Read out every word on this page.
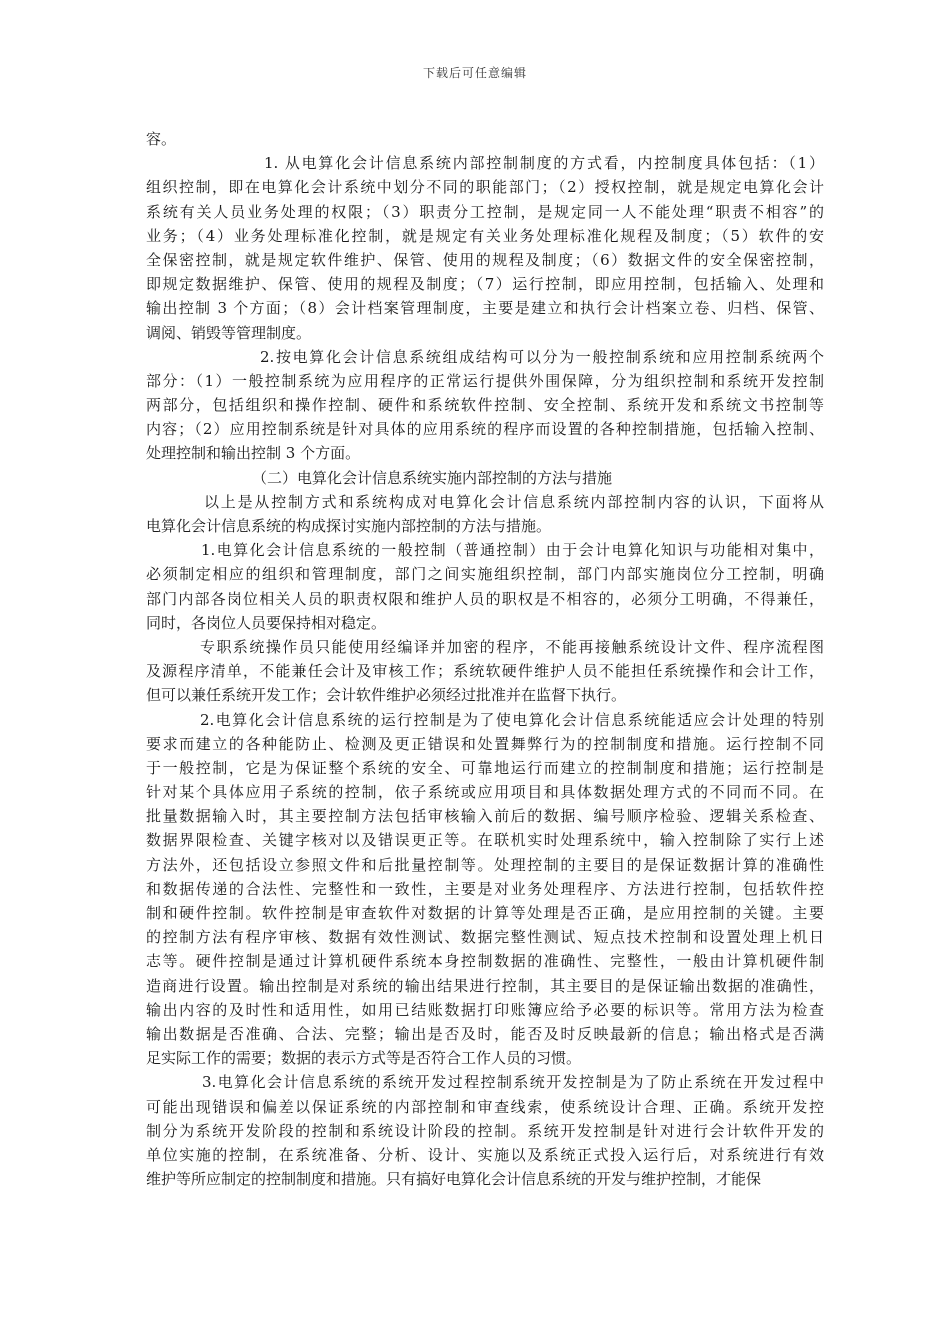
下载后可任意编辑
容。
1. 从电算化会计信息系统内部控制制度的方式看，内控制度具体包括：（1）
组织控制，即在电算化会计系统中划分不同的职能部门；（2）授权控制，就是规定电算化会计
系统有关人员业务处理的权限；（3）职责分工控制，是规定同一人不能处理“职责不相容”的
业务；（4）业务处理标准化控制，就是规定有关业务处理标准化规程及制度；（5）软件的安
全保密控制，就是规定软件维护、保管、使用的规程及制度；（6）数据文件的安全保密控制，
即规定数据维护、保管、使用的规程及制度；（7）运行控制，即应用控制，包括输入、处理和
输出控制 3 个方面；（8）会计档案管理制度，主要是建立和执行会计档案立卷、归档、保管、
调阅、销毁等管理制度。
2.按电算化会计信息系统组成结构可以分为一般控制系统和应用控制系统两个
部分：（1）一般控制系统为应用程序的正常运行提供外围保障，分为组织控制和系统开发控制
两部分，包括组织和操作控制、硬件和系统软件控制、安全控制、系统开发和系统文书控制等
内容；（2）应用控制系统是针对具体的应用系统的程序而设置的各种控制措施，包括输入控制、
处理控制和输出控制 3 个方面。
（二）电算化会计信息系统实施内部控制的方法与措施
以上是从控制方式和系统构成对电算化会计信息系统内部控制内容的认识，下面将从
电算化会计信息系统的构成探讨实施内部控制的方法与措施。
1.电算化会计信息系统的一般控制（普通控制）由于会计电算化知识与功能相对集中，
必须制定相应的组织和管理制度，部门之间实施组织控制，部门内部实施岗位分工控制，明确
部门内部各岗位相关人员的职责权限和维护人员的职权是不相容的，必须分工明确，不得兼任，
同时，各岗位人员要保持相对稳定。
专职系统操作员只能使用经编译并加密的程序，不能再接触系统设计文件、程序流程图
及源程序清单，不能兼任会计及审核工作；系统软硬件维护人员不能担任系统操作和会计工作，
但可以兼任系统开发工作；会计软件维护必须经过批准并在监督下执行。
2.电算化会计信息系统的运行控制是为了使电算化会计信息系统能适应会计处理的特别
要求而建立的各种能防止、检测及更正错误和处置舞弊行为的控制制度和措施。运行控制不同
于一般控制，它是为保证整个系统的安全、可靠地运行而建立的控制制度和措施；运行控制是
针对某个具体应用子系统的控制，依子系统或应用项目和具体数据处理方式的不同而不同。在
批量数据输入时，其主要控制方法包括审核输入前后的数据、编号顺序检验、逻辑关系检查、
数据界限检查、关键字核对以及错误更正等。在联机实时处理系统中，输入控制除了实行上述
方法外，还包括设立参照文件和后批量控制等。处理控制的主要目的是保证数据计算的准确性
和数据传递的合法性、完整性和一致性，主要是对业务处理程序、方法进行控制，包括软件控
制和硬件控制。软件控制是审查软件对数据的计算等处理是否正确，是应用控制的关键。主要
的控制方法有程序审核、数据有效性测试、数据完整性测试、短点技术控制和设置处理上机日
志等。硬件控制是通过计算机硬件系统本身控制数据的准确性、完整性，一般由计算机硬件制
造商进行设置。输出控制是对系统的输出结果进行控制，其主要目的是保证输出数据的准确性，
输出内容的及时性和适用性，如用已结账数据打印账簿应给予必要的标识等。常用方法为检查
输出数据是否准确、合法、完整；输出是否及时，能否及时反映最新的信息；输出格式是否满
足实际工作的需要；数据的表示方式等是否符合工作人员的习惯。
3.电算化会计信息系统的系统开发过程控制系统开发控制是为了防止系统在开发过程中
可能出现错误和偏差以保证系统的内部控制和审查线索，使系统设计合理、正确。系统开发控
制分为系统开发阶段的控制和系统设计阶段的控制。系统开发控制是针对进行会计软件开发的
单位实施的控制，在系统准备、分析、设计、实施以及系统正式投入运行后，对系统进行有效
维护等所应制定的控制制度和措施。只有搞好电算化会计信息系统的开发与维护控制，才能保
